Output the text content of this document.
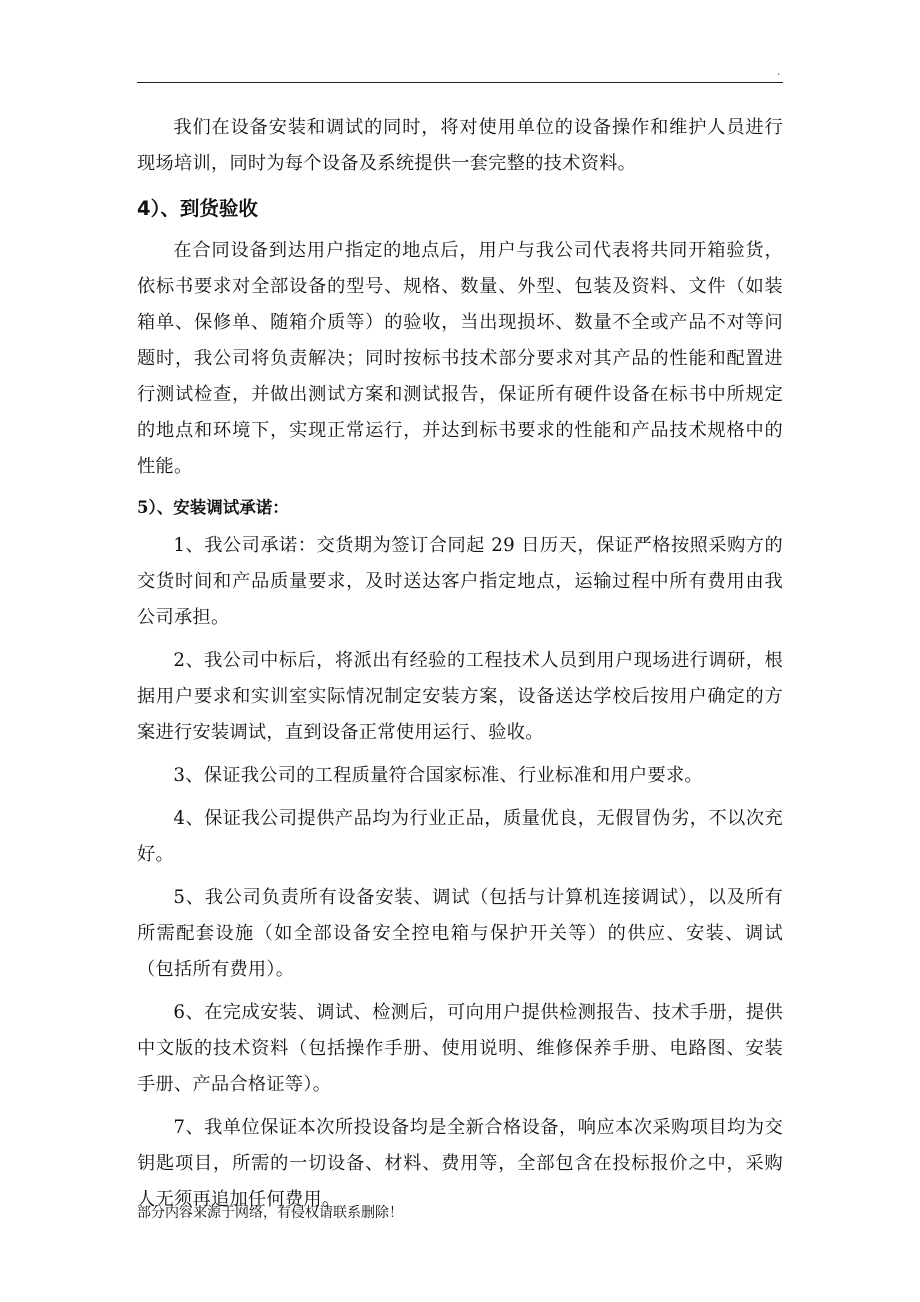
.

我们在设备安装和调试的同时，将对使用单位的设备操作和维护人员进行现场培训，同时为每个设备及系统提供一套完整的技术资料。

4）、到货验收

在合同设备到达用户指定的地点后，用户与我公司代表将共同开箱验货，依标书要求对全部设备的型号、规格、数量、外型、包装及资料、文件（如装箱单、保修单、随箱介质等）的验收，当出现损坏、数量不全或产品不对等问题时，我公司将负责解决；同时按标书技术部分要求对其产品的性能和配置进行测试检查，并做出测试方案和测试报告，保证所有硬件设备在标书中所规定的地点和环境下，实现正常运行，并达到标书要求的性能和产品技术规格中的性能。

5）、安装调试承诺：

1、我公司承诺：交货期为签订合同起 29 日历天，保证严格按照采购方的交货时间和产品质量要求，及时送达客户指定地点，运输过程中所有费用由我公司承担。

2、我公司中标后，将派出有经验的工程技术人员到用户现场进行调研，根据用户要求和实训室实际情况制定安装方案，设备送达学校后按用户确定的方案进行安装调试，直到设备正常使用运行、验收。

3、保证我公司的工程质量符合国家标准、行业标准和用户要求。

4、保证我公司提供产品均为行业正品，质量优良，无假冒伪劣，不以次充好。

5、我公司负责所有设备安装、调试（包括与计算机连接调试），以及所有所需配套设施（如全部设备安全控电箱与保护开关等）的供应、安装、调试（包括所有费用）。

6、在完成安装、调试、检测后，可向用户提供检测报告、技术手册，提供中文版的技术资料（包括操作手册、使用说明、维修保养手册、电路图、安装手册、产品合格证等）。

7、我单位保证本次所投设备均是全新合格设备，响应本次采购项目均为交钥匙项目，所需的一切设备、材料、费用等，全部包含在投标报价之中，采购人无须再追加任何费用。

部分内容来源于网络，有侵权请联系删除！
